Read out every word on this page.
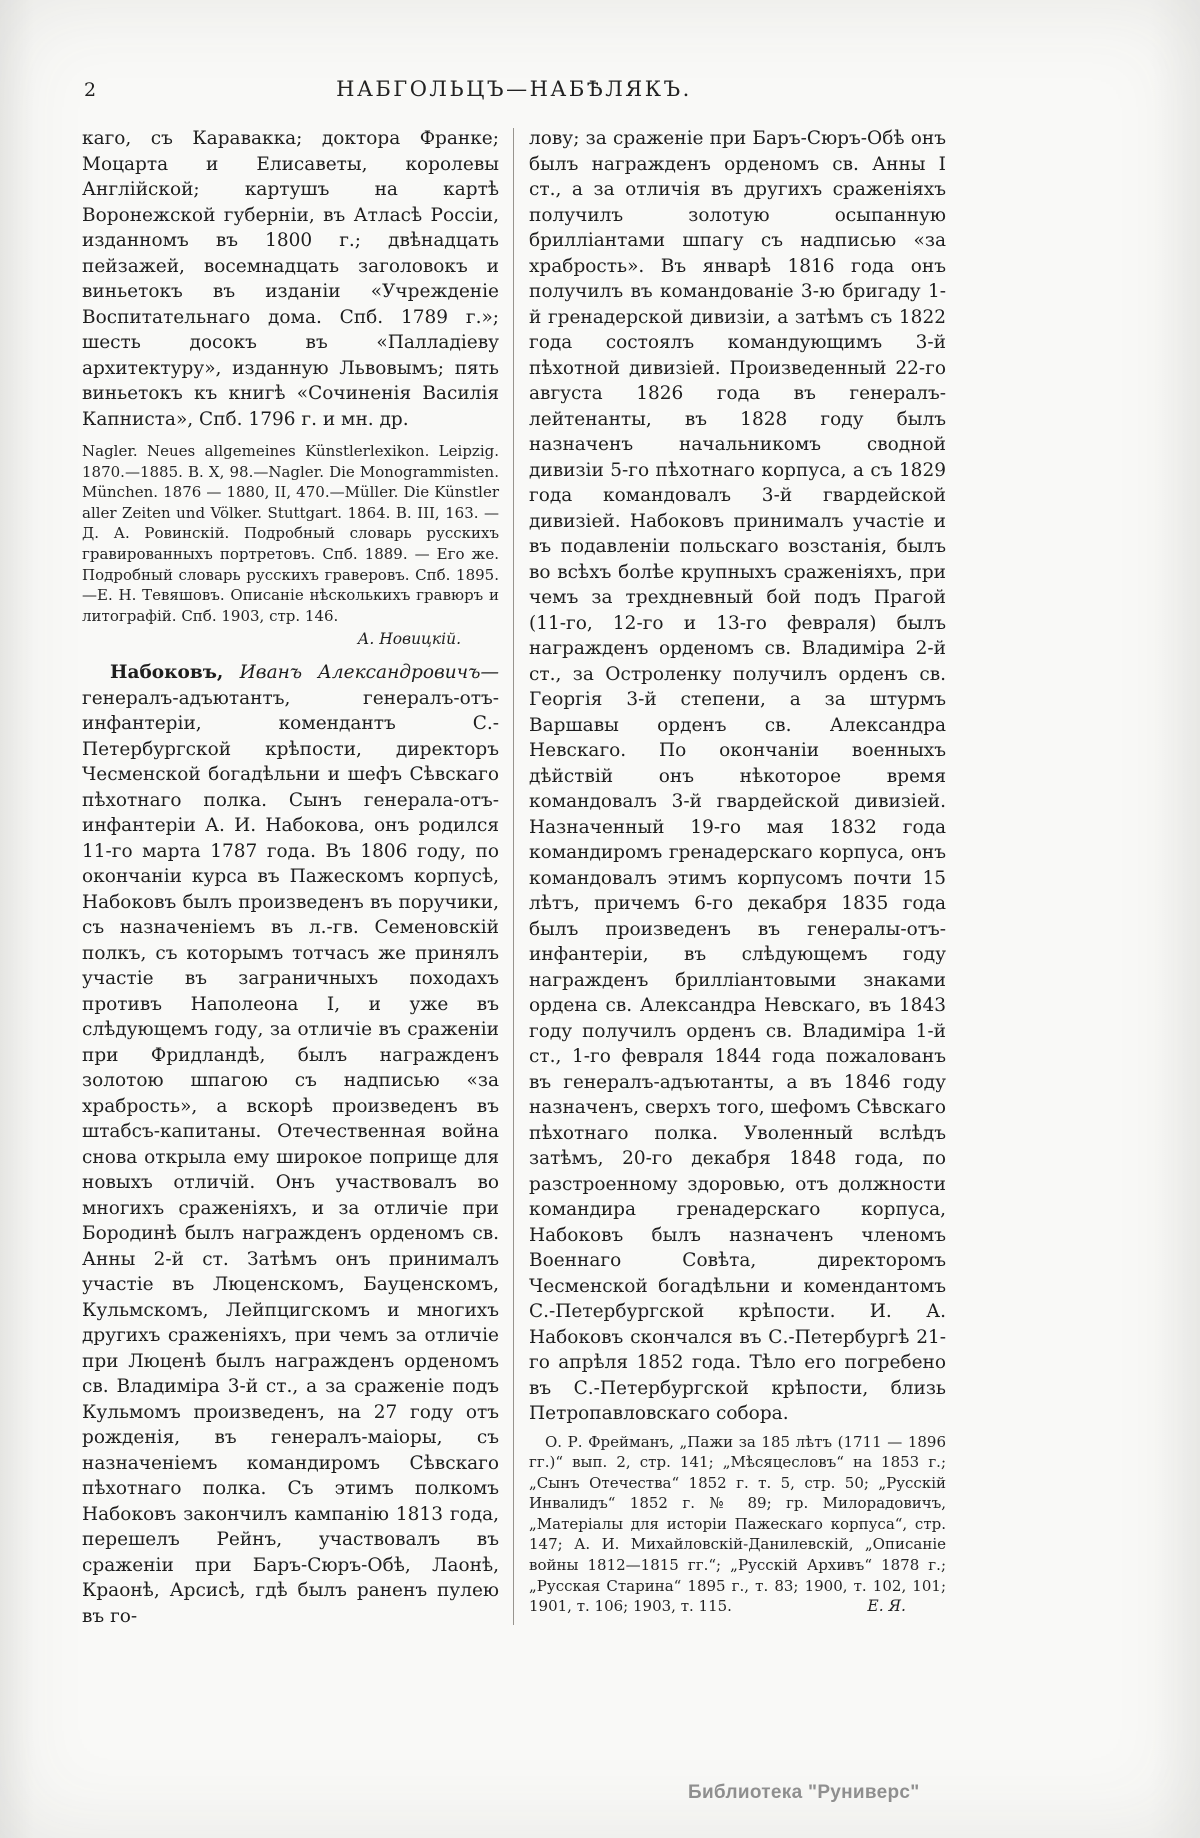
2	НАБГОЛЬЦЪ—НАБѢЛЯКЪ.

каго, съ Каравакка; доктора Франке; Моцарта и Елисаветы, королевы Англійской; картушъ на картѣ Воронежской губерніи, въ Атласѣ Россіи, изданномъ въ 1800 г.; двѣнадцать пейзажей, восемнадцать заголовокъ и виньетокъ въ изданіи «Учрежденіе Воспитательнаго дома. Спб. 1789 г.»; шесть досокъ въ «Палладіеву архитектуру», изданную Львовымъ; пять виньетокъ къ книгѣ «Сочиненія Василія Капниста», Спб. 1796 г. и мн. др.

Nagler. Neues allgemeines Künstlerlexikon. Leipzig. 1870.—1885. B. X, 98.—Nagler. Die Monogrammisten. München. 1876 — 1880, II, 470.—Müller. Die Künstler aller Zeiten und Völker. Stuttgart. 1864. B. III, 163. — Д. А. Ровинскій. Подробный словарь русскихъ гравированныхъ портретовъ. Спб. 1889. — Его же. Подробный словарь русскихъ граверовъ. Спб. 1895.—Е. Н. Тевяшовъ. Описаніе нѣсколькихъ гравюръ и литографій. Спб. 1903, стр. 146.

А. Новицкій.

Набоковъ, Иванъ Александровичъ—генералъ-адъютантъ, генералъ-отъ-инфантеріи, комендантъ С.-Петербургской крѣпости, директоръ Чесменской богадѣльни и шефъ Сѣвскаго пѣхотнаго полка. Сынъ генерала-отъ-инфантеріи А. И. Набокова, онъ родился 11-го марта 1787 года. Въ 1806 году, по окончаніи курса въ Пажескомъ корпусѣ, Набоковъ былъ произведенъ въ поручики, съ назначеніемъ въ л.-гв. Семеновскій полкъ, съ которымъ тотчасъ же принялъ участіе въ заграничныхъ походахъ противъ Наполеона I, и уже въ слѣдующемъ году, за отличіе въ сраженіи при Фридландѣ, былъ награжденъ золотою шпагою съ надписью «за храбрость», а вскорѣ произведенъ въ штабсъ-капитаны. Отечественная война снова открыла ему широкое поприще для новыхъ отличій. Онъ участвовалъ во многихъ сраженіяхъ, и за отличіе при Бородинѣ былъ награжденъ орденомъ св. Анны 2-й ст. Затѣмъ онъ принималъ участіе въ Люценскомъ, Бауценскомъ, Кульмскомъ, Лейпцигскомъ и многихъ другихъ сраженіяхъ, при чемъ за отличіе при Люценѣ былъ награжденъ орденомъ св. Владиміра 3-й ст., а за сраженіе подъ Кульмомъ произведенъ, на 27 году отъ рожденія, въ генералъ-маіоры, съ назначеніемъ командиромъ Сѣвскаго пѣхотнаго полка. Съ этимъ полкомъ Набоковъ закончилъ кампанію 1813 года, перешелъ Рейнъ, участвовалъ въ сраженіи при Баръ-Сюръ-Обѣ, Лаонѣ, Краонѣ, Арсисѣ, гдѣ былъ раненъ пулею въ го-

лову; за сраженіе при Баръ-Сюръ-Обѣ онъ былъ награжденъ орденомъ св. Анны I ст., а за отличія въ другихъ сраженіяхъ получилъ золотую осыпанную брилліантами шпагу съ надписью «за храбрость». Въ январѣ 1816 года онъ получилъ въ командованіе 3-ю бригаду 1-й гренадерской дивизіи, а затѣмъ съ 1822 года состоялъ командующимъ 3-й пѣхотной дивизіей. Произведенный 22-го августа 1826 года въ генералъ-лейтенанты, въ 1828 году былъ назначенъ начальникомъ сводной дивизіи 5-го пѣхотнаго корпуса, а съ 1829 года командовалъ 3-й гвардейской дивизіей. Набоковъ принималъ участіе и въ подавленіи польскаго возстанія, былъ во всѣхъ болѣе крупныхъ сраженіяхъ, при чемъ за трехдневный бой подъ Прагой (11-го, 12-го и 13-го февраля) былъ награжденъ орденомъ св. Владиміра 2-й ст., за Остроленку получилъ орденъ св. Георгія 3-й степени, а за штурмъ Варшавы орденъ св. Александра Невскаго. По окончаніи военныхъ дѣйствій онъ нѣкоторое время командовалъ 3-й гвардейской дивизіей. Назначенный 19-го мая 1832 года командиромъ гренадерскаго корпуса, онъ командовалъ этимъ корпусомъ почти 15 лѣтъ, причемъ 6-го декабря 1835 года былъ произведенъ въ генералы-отъ-инфантеріи, въ слѣдующемъ году награжденъ брилліантовыми знаками ордена св. Александра Невскаго, въ 1843 году получилъ орденъ св. Владиміра 1-й ст., 1-го февраля 1844 года пожалованъ въ генералъ-адъютанты, а въ 1846 году назначенъ, сверхъ того, шефомъ Сѣвскаго пѣхотнаго полка. Уволенный вслѣдъ затѣмъ, 20-го декабря 1848 года, по разстроенному здоровью, отъ должности командира гренадерскаго корпуса, Набоковъ былъ назначенъ членомъ Военнаго Совѣта, директоромъ Чесменской богадѣльни и комендантомъ С.-Петербургской крѣпости. И. А. Набоковъ скончался въ С.-Петербургѣ 21-го апрѣля 1852 года. Тѣло его погребено въ С.-Петербургской крѣпости, близь Петропавловскаго собора.

О. Р. Фрейманъ, „Пажи за 185 лѣтъ (1711 — 1896 гг.)“ вып. 2, стр. 141; „Мѣсяцесловъ“ на 1853 г.; „Сынъ Отечества“ 1852 г. т. 5, стр. 50; „Русскій Инвалидъ“ 1852 г. № 89; гр. Милорадовичъ, „Матеріалы для исторіи Пажескаго корпуса“, стр. 147; А. И. Михайловскій-Данилевскій, „Описаніе войны 1812—1815 гг.“; „Русскій Архивъ“ 1878 г.; „Русская Старина“ 1895 г., т. 83; 1900, т. 102, 101; 1901, т. 106; 1903, т. 115.	Е. Я.

Библиотека "Руниверс"
